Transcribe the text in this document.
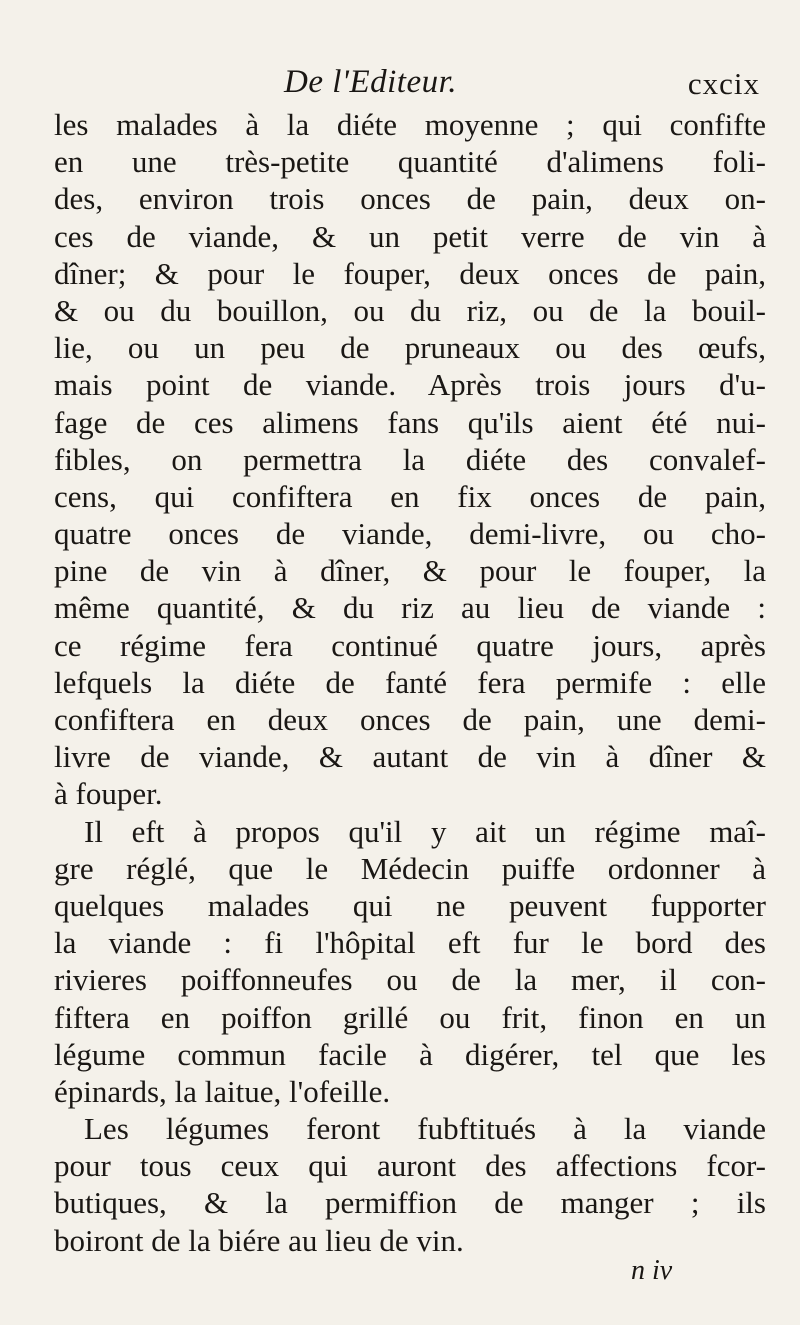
De l'Editeur.	cxcix
les malades à la diéte moyenne ; qui confifte
en une très-petite quantité d'alimens foli-
des, environ trois onces de pain, deux on-
ces de viande, & un petit verre de vin à
dîner; & pour le fouper, deux onces de pain,
& ou du bouillon, ou du riz, ou de la bouil-
lie, ou un peu de pruneaux ou des œufs,
mais point de viande. Après trois jours d'u-
fage de ces alimens fans qu'ils aient été nui-
fibles, on permettra la diéte des convalef-
cens, qui confiftera en fix onces de pain,
quatre onces de viande, demi-livre, ou cho-
pine de vin à dîner, & pour le fouper, la
même quantité, & du riz au lieu de viande :
ce régime fera continué quatre jours, après
lefquels la diéte de fanté fera permife : elle
confiftera en deux onces de pain, une demi-
livre de viande, & autant de vin à dîner &
à fouper.
Il eft à propos qu'il y ait un régime maî-
gre réglé, que le Médecin puiffe ordonner à
quelques malades qui ne peuvent fupporter
la viande : fi l'hôpital eft fur le bord des
rivieres poiffonneufes ou de la mer, il con-
fiftera en poiffon grillé ou frit, finon en un
légume commun facile à digérer, tel que les
épinards, la laitue, l'ofeille.
Les légumes feront fubftitués à la viande
pour tous ceux qui auront des affections fcor-
butiques, & la permiffion de manger ; ils
boiront de la biére au lieu de vin.
n iv
